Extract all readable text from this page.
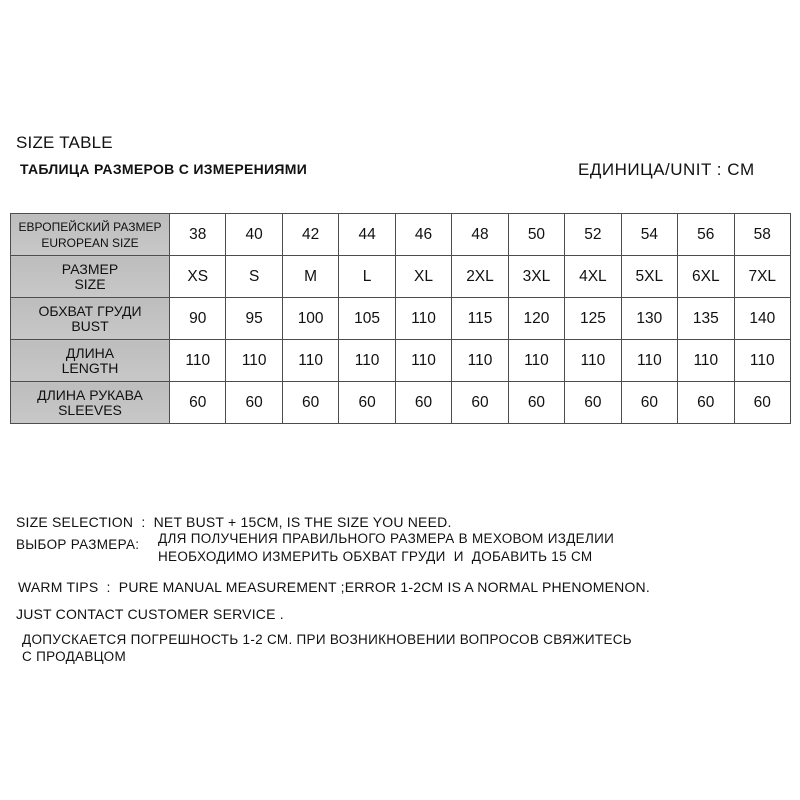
SIZE TABLE
ТАБЛИЦА РАЗМЕРОВ С ИЗМЕРЕНИЯМИ	ЕДИНИЦА/UNIT : CM
ЕВРОПЕЙСКИЙ РАЗМЕР
EUROPEAN SIZE	38	40	42	44	46	48	50	52	54	56	58

РАЗМЕР
SIZE	XS	S	M	L	XL	2XL	3XL	4XL	5XL	6XL	7XL

ОБХВАТ ГРУДИ
BUST	90	95	100	105	110	115	120	125	130	135	140

ДЛИНА
LENGTH	110	110	110	110	110	110	110	110	110	110	110

ДЛИНА РУКАВА
SLEEVES	60	60	60	60	60	60	60	60	60	60	60
SIZE SELECTION  :  NET BUST + 15CM, IS THE SIZE YOU NEED.
ВЫБОР РАЗМЕРА: ДЛЯ ПОЛУЧЕНИЯ ПРАВИЛЬНОГО РАЗМЕРА В МЕХОВОМ ИЗДЕЛИИ
НЕОБХОДИМО ИЗМЕРИТЬ ОБХВАТ ГРУДИ  И  ДОБАВИТЬ 15 СМ
WARM TIPS  :  PURE MANUAL MEASUREMENT ;ERROR 1-2CM IS A NORMAL PHENOMENON.
JUST CONTACT CUSTOMER SERVICE .
ДОПУСКАЕТСЯ ПОГРЕШНОСТЬ 1-2 СМ. ПРИ ВОЗНИКНОВЕНИИ ВОПРОСОВ СВЯЖИТЕСЬ
С ПРОДАВЦОМ
